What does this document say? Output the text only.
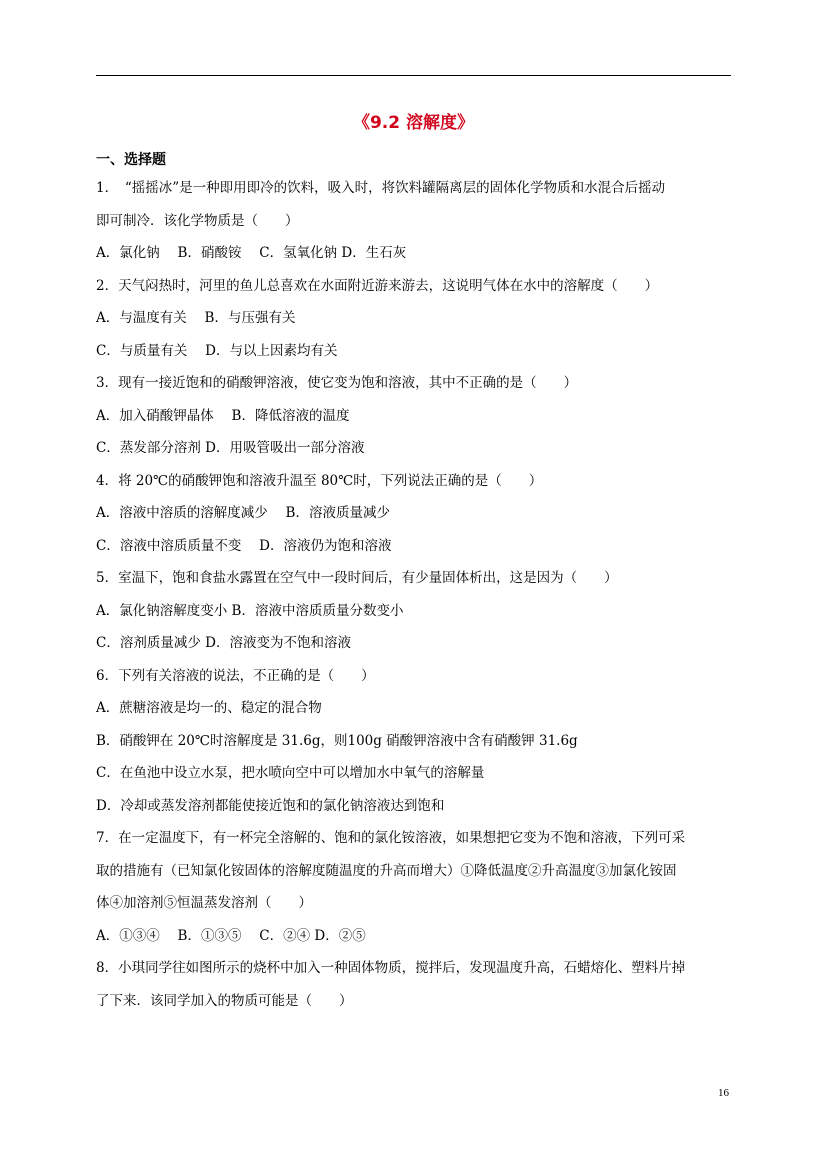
《9.2 溶解度》
一、选择题
1．　“摇摇冰”是一种即用即冷的饮料，吸入时，将饮料罐隔离层的固体化学物质和水混合后摇动
即可制冷．该化学物质是（　　）
A．氯化钠　 B．硝酸铵　 C．氢氧化钠 D．生石灰
2．天气闷热时，河里的鱼儿总喜欢在水面附近游来游去，这说明气体在水中的溶解度（　　）
A．与温度有关　 B．与压强有关
C．与质量有关　 D．与以上因素均有关
3．现有一接近饱和的硝酸钾溶液，使它变为饱和溶液，其中不正确的是（　　）
A．加入硝酸钾晶体　 B．降低溶液的温度
C．蒸发部分溶剂 D．用吸管吸出一部分溶液
4．将 20℃的硝酸钾饱和溶液升温至 80℃时，下列说法正确的是（　　）
A．溶液中溶质的溶解度减少　 B．溶液质量减少
C．溶液中溶质质量不变　 D．溶液仍为饱和溶液
5．室温下，饱和食盐水露置在空气中一段时间后，有少量固体析出，这是因为（　　）
A．氯化钠溶解度变小 B．溶液中溶质质量分数变小
C．溶剂质量减少 D．溶液变为不饱和溶液
6．下列有关溶液的说法，不正确的是（　　）
A．蔗糖溶液是均一的、稳定的混合物
B．硝酸钾在 20℃时溶解度是 31.6g，则100g 硝酸钾溶液中含有硝酸钾 31.6g
C．在鱼池中设立水泵，把水喷向空中可以增加水中氧气的溶解量
D．冷却或蒸发溶剂都能使接近饱和的氯化钠溶液达到饱和
7．在一定温度下，有一杯完全溶解的、饱和的氯化铵溶液，如果想把它变为不饱和溶液，下列可采
取的措施有（已知氯化铵固体的溶解度随温度的升高而增大）①降低温度②升高温度③加氯化铵固
体④加溶剂⑤恒温蒸发溶剂（　　）
A．①③④　 B．①③⑤　 C．②④ D．②⑤
8．小琪同学往如图所示的烧杯中加入一种固体物质，搅拌后，发现温度升高，石蜡熔化、塑料片掉
了下来．该同学加入的物质可能是（　　）
16
